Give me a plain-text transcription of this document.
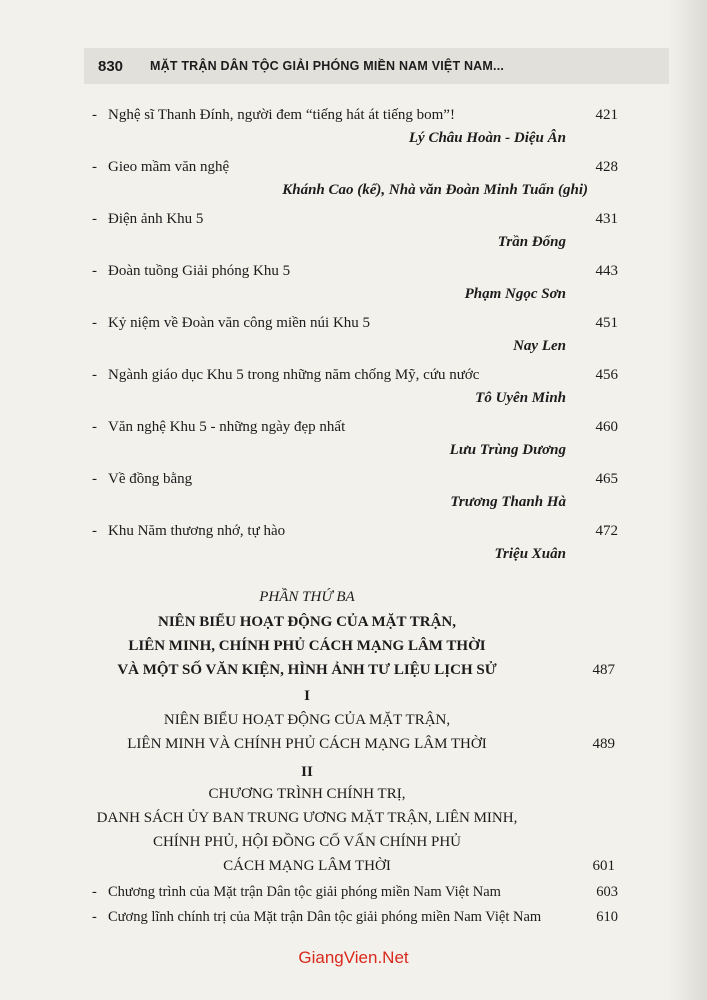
830	MẶT TRẬN DÂN TỘC GIẢI PHÓNG MIỀN NAM VIỆT NAM...
- Nghệ sĩ Thanh Đính, người đem “tiếng hát át tiếng bom”!	421
Lý Châu Hoàn - Diệu Ân
- Gieo mầm văn nghệ	428
Khánh Cao (kể), Nhà văn Đoàn Minh Tuấn (ghi)
- Điện ảnh Khu 5	431
Trần Đống
- Đoàn tuồng Giải phóng Khu 5	443
Phạm Ngọc Sơn
- Kỷ niệm về Đoàn văn công miền núi Khu 5	451
Nay Len
- Ngành giáo dục Khu 5 trong những năm chống Mỹ, cứu nước	456
Tô Uyên Minh
- Văn nghệ Khu 5 - những ngày đẹp nhất	460
Lưu Trùng Dương
- Về đồng bằng	465
Trương Thanh Hà
- Khu Năm thương nhớ, tự hào	472
Triệu Xuân
PHẦN THỨ BA
NIÊN BIỂU HOẠT ĐỘNG CỦA MẶT TRẬN,
LIÊN MINH, CHÍNH PHỦ CÁCH MẠNG LÂM THỜI
VÀ MỘT SỐ VĂN KIỆN, HÌNH ẢNH TƯ LIỆU LỊCH SỬ	487
I
NIÊN BIỂU HOẠT ĐỘNG CỦA MẶT TRẬN,
LIÊN MINH VÀ CHÍNH PHỦ CÁCH MẠNG LÂM THỜI	489
II
CHƯƠNG TRÌNH CHÍNH TRỊ,
DANH SÁCH ỦY BAN TRUNG ƯƠNG MẶT TRẬN, LIÊN MINH,
CHÍNH PHỦ, HỘI ĐỒNG CỐ VẤN CHÍNH PHỦ
CÁCH MẠNG LÂM THỜI	601
- Chương trình của Mặt trận Dân tộc giải phóng miền Nam Việt Nam	603
- Cương lĩnh chính trị của Mặt trận Dân tộc giải phóng miền Nam Việt Nam	610
GiangVien.Net
